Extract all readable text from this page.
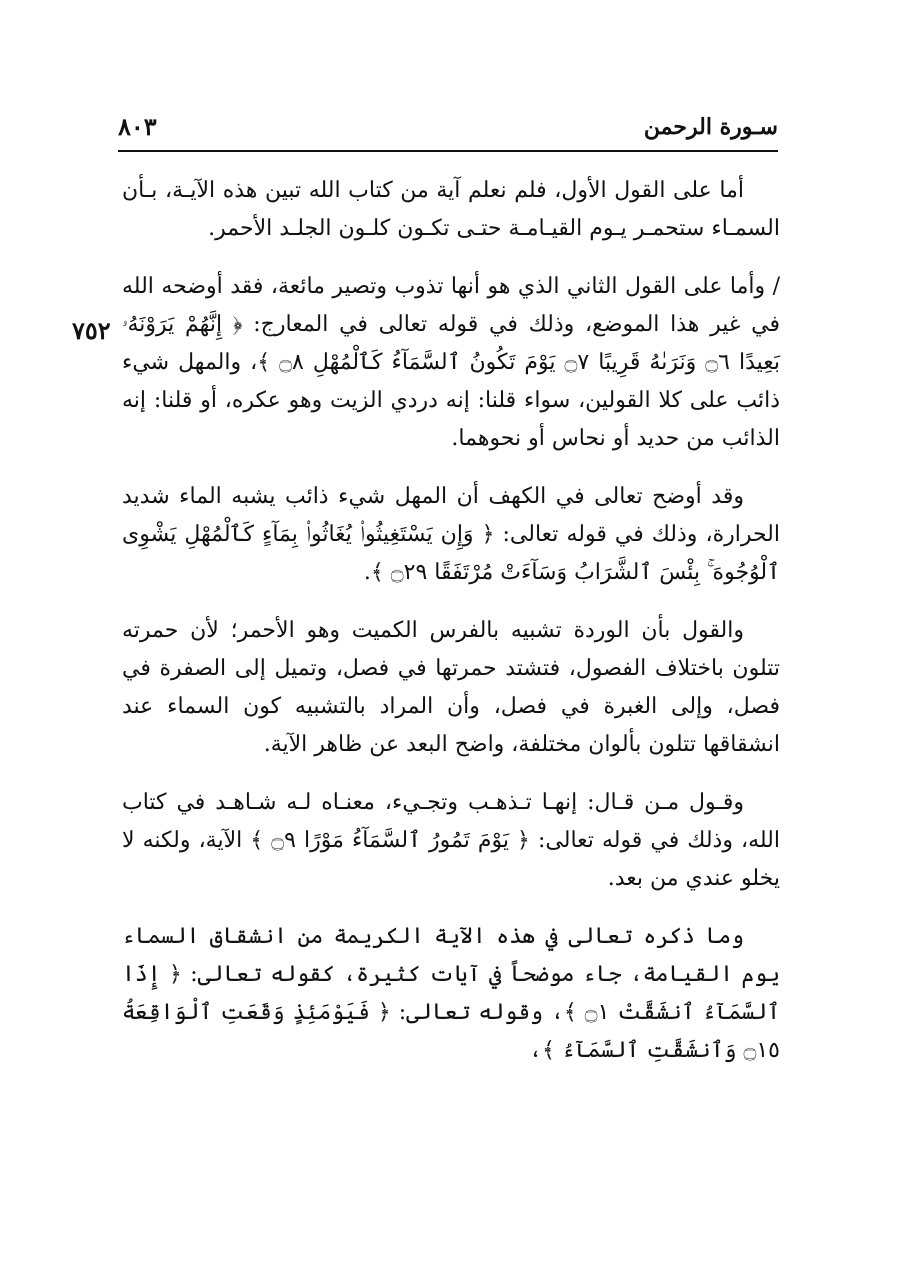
سـورة الرحمن
٨٠٣
٧٥٢

أما على القول الأول، فلم نعلم آية من كتاب الله تبين هذه الآيـة، بـأن السمـاء ستحمـر يـوم القيـامـة حتـى تكـون كلـون الجلـد الأحمر.

/ وأما على القول الثاني الذي هو أنها تذوب وتصير مائعة، فقد أوضحه الله في غير هذا الموضع، وذلك في قوله تعالى في المعارج: ﴿ إِنَّهُمْ يَرَوْنَهُۥ بَعِيدًا ۝٦ وَنَرَىٰهُ قَرِيبًا ۝٧ يَوْمَ تَكُونُ ٱلسَّمَآءُ كَٱلْمُهْلِ ۝٨ ﴾، والمهل شيء ذائب على كلا القولين، سواء قلنا: إنه دردي الزيت وهو عكره، أو قلنا: إنه الذائب من حديد أو نحاس أو نحوهما.

وقد أوضح تعالى في الكهف أن المهل شيء ذائب يشبه الماء شديد الحرارة، وذلك في قوله تعالى: ﴿ وَإِن يَسْتَغِيثُوا۟ يُغَاثُوا۟ بِمَآءٍ كَٱلْمُهْلِ يَشْوِى ٱلْوُجُوهَ ۚ بِئْسَ ٱلشَّرَابُ وَسَآءَتْ مُرْتَفَقًا ۝٢٩ ﴾.

والقول بأن الوردة تشبيه بالفرس الكميت وهو الأحمر؛ لأن حمرته تتلون باختلاف الفصول، فتشتد حمرتها في فصل، وتميل إلى الصفرة في فصل، وإلى الغبرة في فصل، وأن المراد بالتشبيه كون السماء عند انشقاقها تتلون بألوان مختلفة، واضح البعد عن ظاهر الآية.

وقـول مـن قـال: إنهـا تـذهـب وتجـيء، معنـاه لـه شـاهـد في كتاب الله، وذلك في قوله تعالى: ﴿ يَوْمَ تَمُورُ ٱلسَّمَآءُ مَوْرًا ۝٩ ﴾ الآية، ولكنه لا يخلو عندي من بعد.

وما ذكره تعالى في هذه الآية الكريمة من انشقاق السماء يوم القيامة، جاء موضحاً في آيات كثيرة، كقوله تعالى: ﴿ إِذَا ٱلسَّمَآءُ ٱنشَقَّتْ ۝١ ﴾، وقوله تعالى: ﴿ فَيَوْمَئِذٍ وَقَعَتِ ٱلْوَاقِعَةُ ۝١٥ وَٱنشَقَّتِ ٱلسَّمَآءُ ﴾،
